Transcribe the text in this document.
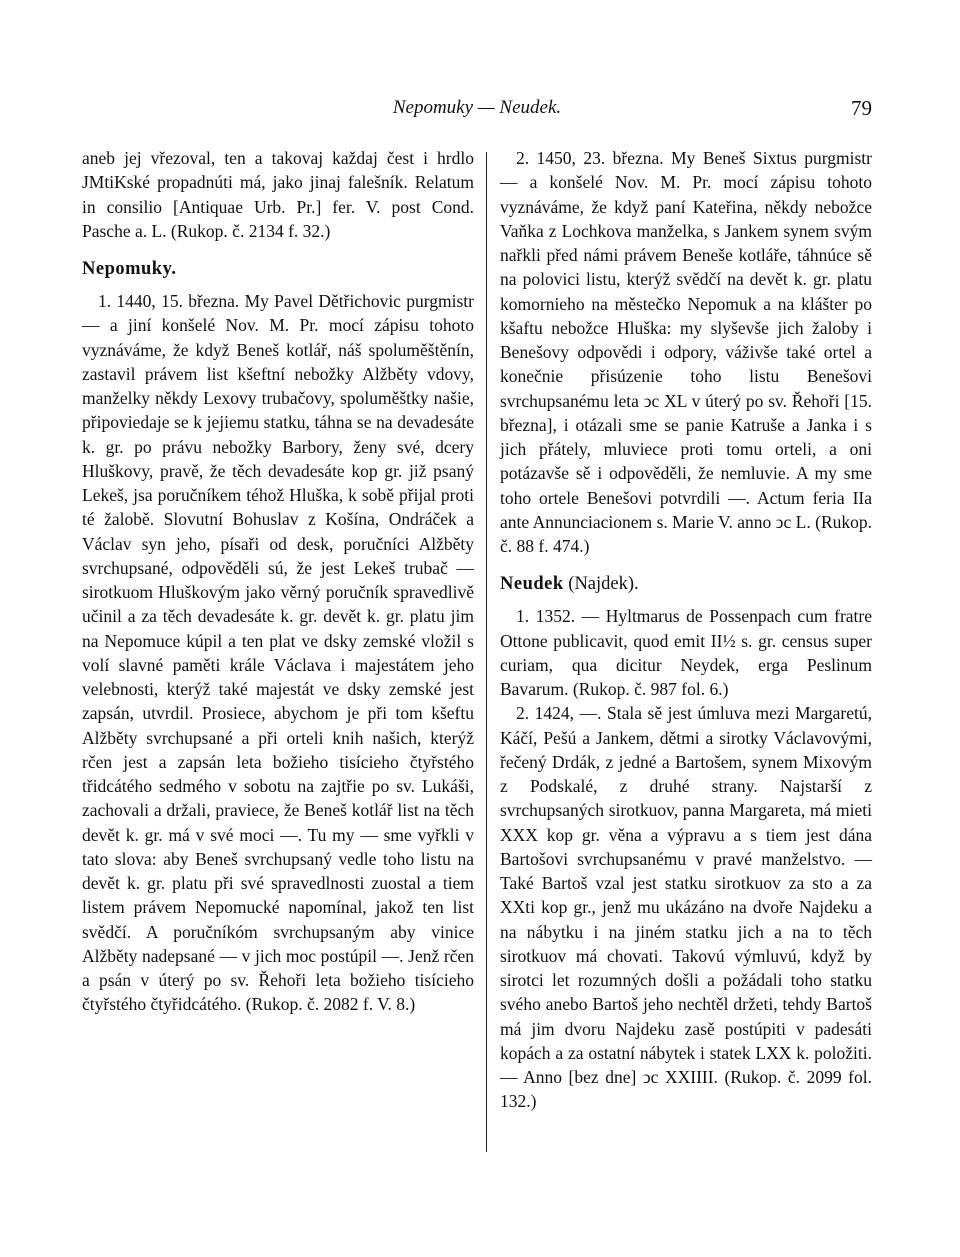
Nepomuky — Neudek.	79

aneb jej vřezoval, ten a takovaj každaj čest i hrdlo JMtiKské propadnúti má, jako jinaj falešník. Relatum in consilio [Antiquae Urb. Pr.] fer. V. post Cond. Pasche a. L. (Rukop. č. 2134 f. 32.)

Nepomuky.

1. 1440, 15. března. My Pavel Dětřichovic purgmistr — a jiní konšelé Nov. M. Pr. mocí zápisu tohoto vyznáváme, že když Beneš kotlář, náš spoluměštěnín, zastavil právem list kšeftní nebožky Alžběty vdovy, manželky někdy Lexovy trubačovy, spoluměštky našie, připoviedaje se k jejiemu statku, táhna se na devadesáte k. gr. po právu nebožky Barbory, ženy své, dcery Hluškovy, pravě, že těch devadesáte kop gr. již psaný Lekeš, jsa poručníkem téhož Hluška, k sobě přijal proti té žalobě. Slovutní Bohuslav z Košína, Ondráček a Václav syn jeho, písaři od desk, poručníci Alžběty svrchupsané, odpověděli sú, že jest Lekeš trubač — sirotkuom Hluškovým jako věrný poručník spravedlivě učinil a za těch devadesáte k. gr. devět k. gr. platu jim na Nepomuce kúpil a ten plat ve dsky zemské vložil s volí slavné paměti krále Václava i majestátem jeho velebnosti, kterýž také majestát ve dsky zemské jest zapsán, utvrdil. Prosiece, abychom je při tom kšeftu Alžběty svrchupsané a při orteli knih našich, kterýž rčen jest a zapsán leta božieho tisícieho čtyřstého třidcátého sedmého v sobotu na zajtřie po sv. Lukáši, zachovali a držali, praviece, že Beneš kotlář list na těch devět k. gr. má v své moci —. Tu my — sme vyřkli v tato slova: aby Beneš svrchupsaný vedle toho listu na devět k. gr. platu při své spravedlnosti zuostal a tiem listem právem Nepomucké napomínal, jakož ten list svědčí. A poručníkóm svrchupsaným aby vinice Alžběty nadepsané — v jich moc postúpil —. Jenž rčen a psán v úterý po sv. Řehoři leta božieho tisícieho čtyřstého čtyřidcátého. (Rukop. č. 2082 f. V. 8.)

2. 1450, 23. března. My Beneš Sixtus purgmistr — a konšelé Nov. M. Pr. mocí zápisu tohoto vyznáváme, že když paní Kateřina, někdy nebožce Vaňka z Lochkova manželka, s Jankem synem svým nařkli před námi právem Beneše kotláře, táhnúce sě na polovici listu, kterýž svědčí na devět k. gr. platu komornieho na městečko Nepomuk a na klášter po kšaftu nebožce Hluška: my slyševše jich žaloby i Benešovy odpovědi i odpory, váživše také ortel a konečnie přisúzenie toho listu Benešovi svrchupsanému leta ͻc XL v úterý po sv. Řehoři [15. března], i otázali sme se panie Katruše a Janka i s jich přátely, mluviece proti tomu orteli, a oni potázavše sě i odpověděli, že nemluvie. A my sme toho ortele Benešovi potvrdili —. Actum feria IIa ante Annunciacionem s. Marie V. anno ͻc L. (Rukop. č. 88 f. 474.)

Neudek (Najdek).

1. 1352. — Hyltmarus de Possenpach cum fratre Ottone publicavit, quod emit II½ s. gr. census super curiam, qua dicitur Neydek, erga Peslinum Bavarum. (Rukop. č. 987 fol. 6.)

2. 1424, —. Stala sě jest úmluva mezi Margaretú, Káčí, Pešú a Jankem, dětmi a sirotky Václavovými, řečený Drdák, z jedné a Bartošem, synem Mixovým z Podskalé, z druhé strany. Najstarší z svrchupsaných sirotkuov, panna Margareta, má mieti XXX kop gr. věna a výpravu a s tiem jest dána Bartošovi svrchupsanému v pravé manželstvo. — Také Bartoš vzal jest statku sirotkuov za sto a za XXti kop gr., jenž mu ukázáno na dvoře Najdeku a na nábytku i na jiném statku jich a na to těch sirotkuov má chovati. Takovú výmluvú, když by sirotci let rozumných došli a požádali toho statku svého anebo Bartoš jeho nechtěl držeti, tehdy Bartoš má jim dvoru Najdeku zasě postúpiti v padesáti kopách a za ostatní nábytek i statek LXX k. položiti. — Anno [bez dne] ͻc XXIIII. (Rukop. č. 2099 fol. 132.)
